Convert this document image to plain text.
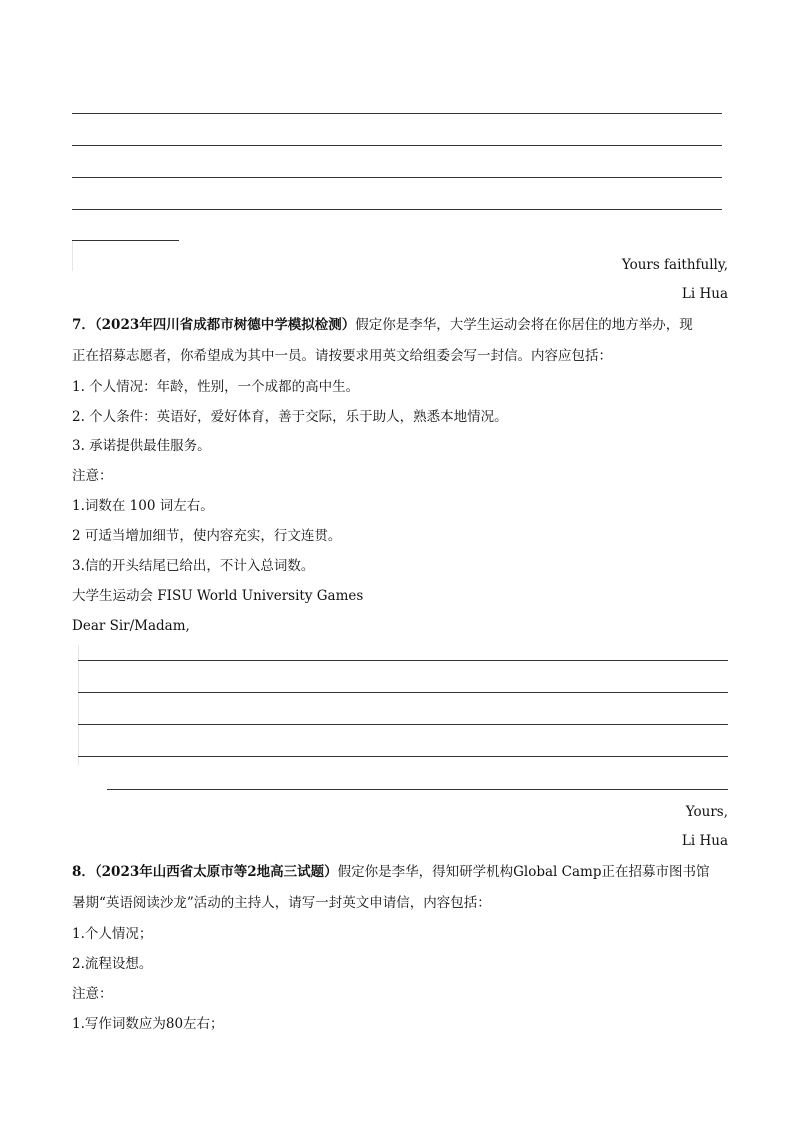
Yours faithfully,
Li Hua
7．（2023年四川省成都市树德中学模拟检测）假定你是李华，大学生运动会将在你居住的地方举办，现
正在招募志愿者，你希望成为其中一员。请按要求用英文给组委会写一封信。内容应包括：
1. 个人情况：年龄，性别，一个成都的高中生。
2. 个人条件：英语好，爱好体育，善于交际，乐于助人，熟悉本地情况。
3. 承诺提供最佳服务。
注意：
1.词数在 100 词左右。
2 可适当增加细节，使内容充实，行文连贯。
3.信的开头结尾已给出，不计入总词数。
大学生运动会 FISU World University Games
Dear Sir/Madam,
Yours,
Li Hua
8．（2023年山西省太原市等2地高三试题）假定你是李华，得知研学机构Global Camp正在招募市图书馆
暑期“英语阅读沙龙”活动的主持人，请写一封英文申请信，内容包括：
1.个人情况；
2.流程设想。
注意：
1.写作词数应为80左右；
